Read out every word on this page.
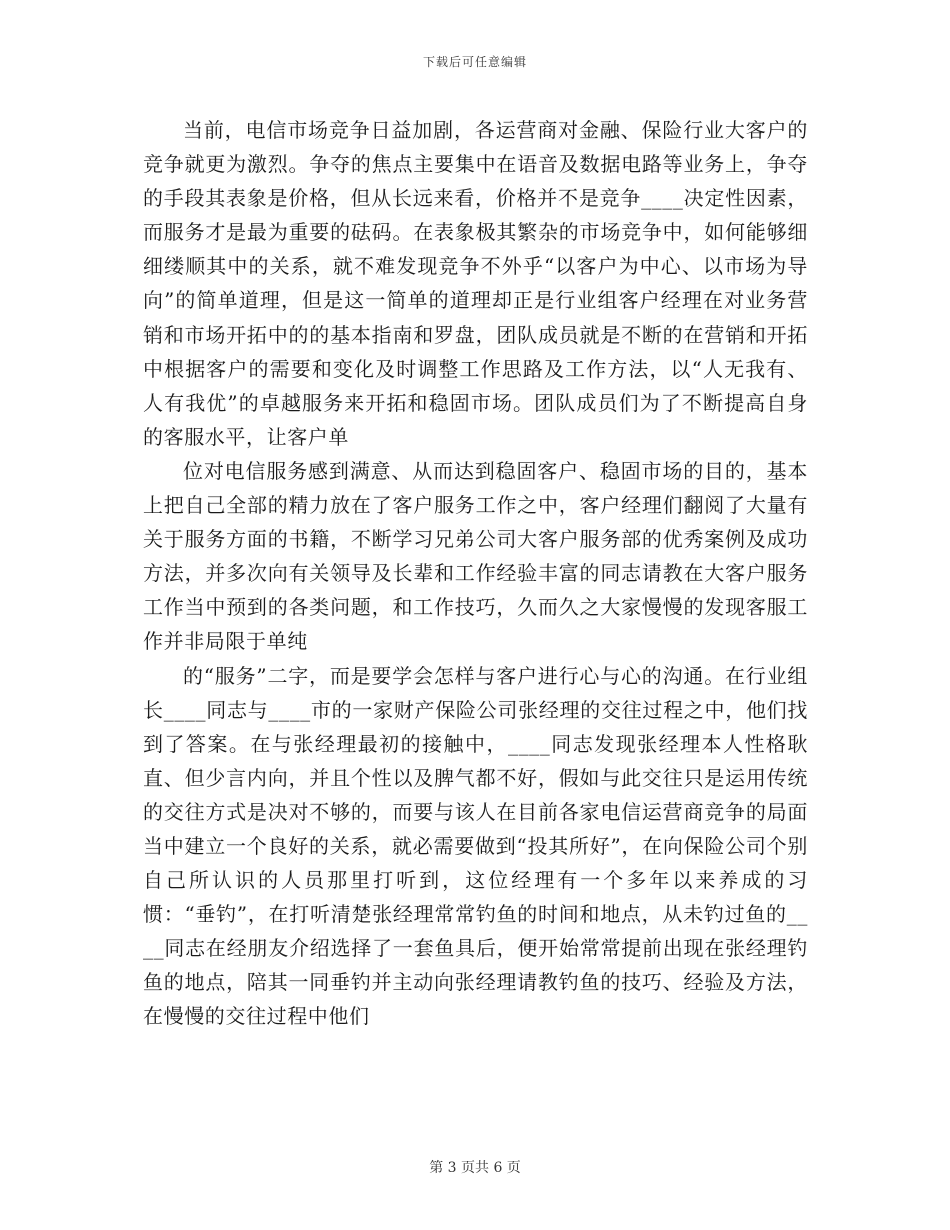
下载后可任意编辑

当前，电信市场竞争日益加剧，各运营商对金融、保险行业大客户的竞争就更为激烈。争夺的焦点主要集中在语音及数据电路等业务上，争夺的手段其表象是价格，但从长远来看，价格并不是竞争____决定性因素，而服务才是最为重要的砝码。在表象极其繁杂的市场竞争中，如何能够细细缕顺其中的关系，就不难发现竞争不外乎“以客户为中心、以市场为导向”的简单道理，但是这一简单的道理却正是行业组客户经理在对业务营销和市场开拓中的的基本指南和罗盘，团队成员就是不断的在营销和开拓中根据客户的需要和变化及时调整工作思路及工作方法，以“人无我有、人有我优”的卓越服务来开拓和稳固市场。团队成员们为了不断提高自身的客服水平，让客户单

位对电信服务感到满意、从而达到稳固客户、稳固市场的目的，基本上把自己全部的精力放在了客户服务工作之中，客户经理们翻阅了大量有关于服务方面的书籍，不断学习兄弟公司大客户服务部的优秀案例及成功方法，并多次向有关领导及长辈和工作经验丰富的同志请教在大客户服务工作当中预到的各类问题，和工作技巧，久而久之大家慢慢的发现客服工作并非局限于单纯

的“服务”二字，而是要学会怎样与客户进行心与心的沟通。在行业组长____同志与____市的一家财产保险公司张经理的交往过程之中，他们找到了答案。在与张经理最初的接触中，____同志发现张经理本人性格耿直、但少言内向，并且个性以及脾气都不好，假如与此交往只是运用传统的交往方式是决对不够的，而要与该人在目前各家电信运营商竞争的局面当中建立一个良好的关系，就必需要做到“投其所好”，在向保险公司个别自己所认识的人员那里打听到，这位经理有一个多年以来养成的习惯：“垂钓”，在打听清楚张经理常常钓鱼的时间和地点，从未钓过鱼的____同志在经朋友介绍选择了一套鱼具后，便开始常常提前出现在张经理钓鱼的地点，陪其一同垂钓并主动向张经理请教钓鱼的技巧、经验及方法，在慢慢的交往过程中他们

第 3 页共 6 页
